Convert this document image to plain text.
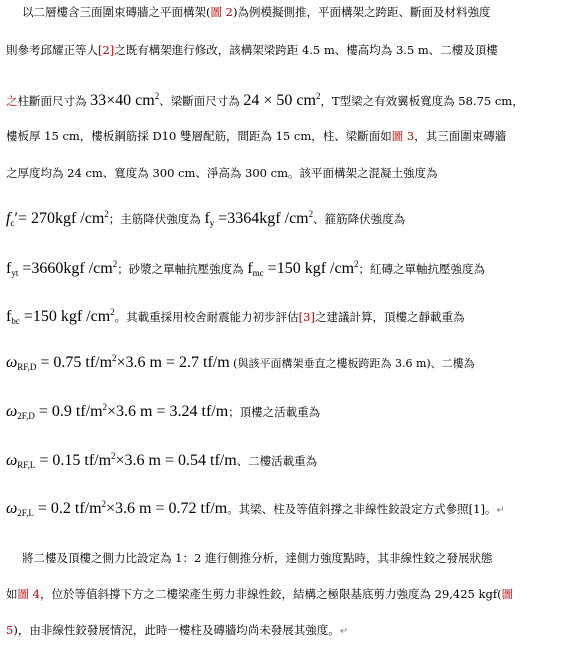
以二層樓含三面圍束磚牆之平面構架(圖 2)為例模擬側推，平面構架之跨距、斷面及材料強度
則參考邱耀正等人[2]之既有構架進行修改，該構架梁跨距 4.5 m、樓高均為 3.5 m、二樓及頂樓
之柱斷面尺寸為 33×40 $cm^2$、梁斷面尺寸為 24 × 50 $cm^2$，T型梁之有效翼板寬度為 58.75 cm，
樓板厚 15 cm，樓板鋼筋採 D10 雙層配筋，間距為 15 cm，柱、梁斷面如圖 3，其三面圍束磚牆
之厚度均為 24 cm、寬度為 300 cm、淨高為 300 cm。該平面構架之混凝土強度為
$f_c'= 270kgf$ $/cm^2$；主筋降伏強度為 $f_y =3364kgf$ $/cm^2$、箍筋降伏強度為
$f_{yt} =3660kgf$ $/cm^2$；砂漿之單軸抗壓強度為 $f_{mc} =150$ kgf $/cm^2$；紅磚之單軸抗壓強度為
$f_{bc} =150$ kgf $/cm^2$。其載重採用校舍耐震能力初步評估[3]之建議計算，頂樓之靜載重為
$\omega_{RF,D} = 0.75$ $tf/m^2\times 3.6$ m = 2.7 tf/m (與該平面構架垂直之樓板跨距為 3.6 m)、二樓為
$\omega_{2F,D} = 0.9$ $tf/m^2\times 3.6$ m = 3.24 tf/m；頂樓之活載重為
$\omega_{RF,L} = 0.15$ $tf/m^2\times 3.6$ m = 0.54 tf/m、二樓活載重為
$\omega_{2F,L} = 0.2$ $tf/m^2\times 3.6$ m = 0.72 tf/m。其梁、柱及等值斜撐之非線性鉸設定方式參照[1]。↵
將二樓及頂樓之側力比設定為 1：2 進行側推分析，達側力強度點時，其非線性鉸之發展狀態
如圖 4，位於等值斜撐下方之二樓梁產生剪力非線性鉸，結構之極限基底剪力強度為 29,425 kgf(圖
5)，由非線性鉸發展情況，此時一樓柱及磚牆均尚未發展其強度。↵
